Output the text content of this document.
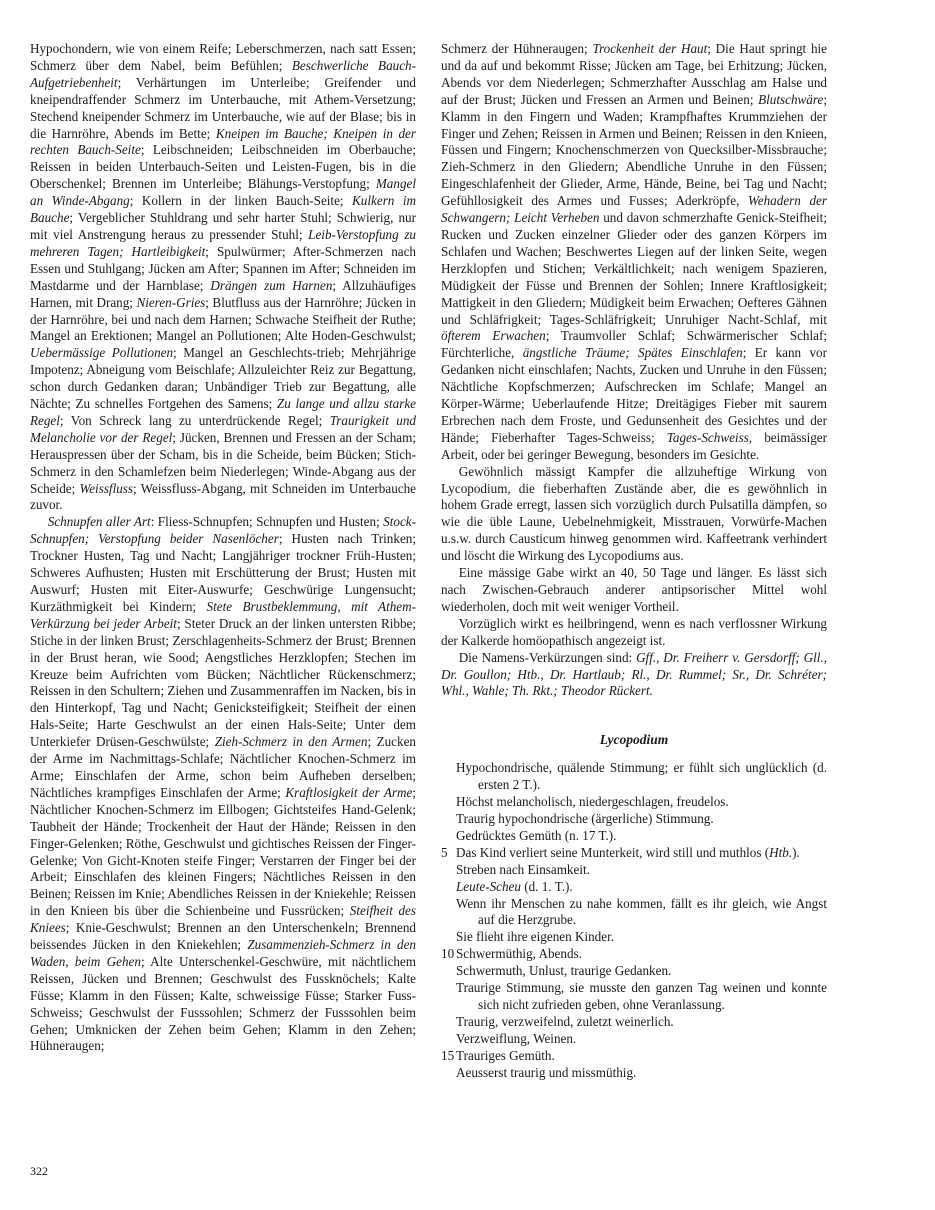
Hypochondern, wie von einem Reife; Leberschmerzen, nach satt Essen; Schmerz über dem Nabel, beim Befühlen; Beschwerliche Bauch-Aufgetriebenheit; Verhärtungen im Unterleibe; Greifender und kneipendraffender Schmerz im Unterbauche, mit Athem-Versetzung; Stechend kneipender Schmerz im Unterbauche, wie auf der Blase; bis in die Harnröhre, Abends im Bette; Kneipen im Bauche; Kneipen in der rechten Bauch-Seite; Leibschneiden; Leibschneiden im Oberbauche; Reissen in beiden Unterbauch-Seiten und Leisten-Fugen, bis in die Oberschenkel; Brennen im Unterleibe; Blähungs-Verstopfung; Mangel an Winde-Abgang; Kollern in der linken Bauch-Seite; Kulkern im Bauche; Vergeblicher Stuhldrang und sehr harter Stuhl; Schwierig, nur mit viel Anstrengung heraus zu pressender Stuhl; Leib-Verstopfung zu mehreren Tagen; Hartleibigkeit; Spulwürmer; After-Schmerzen nach Essen und Stuhlgang; Jücken am After; Spannen im After; Schneiden im Mastdarme und der Harnblase; Drängen zum Harnen; Allzuhäufiges Harnen, mit Drang; Nieren-Gries; Blutfluss aus der Harnröhre; Jücken in der Harnröhre, bei und nach dem Harnen; Schwache Steifheit der Ruthe; Mangel an Erektionen; Mangel an Pollutionen; Alte Hoden-Geschwulst; Uebermässige Pollutionen; Mangel an Geschlechts-trieb; Mehrjährige Impotenz; Abneigung vom Beischlafe; Allzuleichter Reiz zur Begattung, schon durch Gedanken daran; Unbändiger Trieb zur Begattung, alle Nächte; Zu schnelles Fortgehen des Samens; Zu lange und allzu starke Regel; Von Schreck lang zu unterdrückende Regel; Traurigkeit und Melancholie vor der Regel; Jücken, Brennen und Fressen an der Scham; Herauspressen über der Scham, bis in die Scheide, beim Bücken; Stich-Schmerz in den Schamlefzen beim Niederlegen; Winde-Abgang aus der Scheide; Weissfluss; Weissfluss-Abgang, mit Schneiden im Unterbauche zuvor.

Schnupfen aller Art: Fliess-Schnupfen; Schnupfen und Husten; Stock-Schnupfen; Verstopfung beider Nasenlöcher; Husten nach Trinken; Trockner Husten, Tag und Nacht; Langjähriger trockner Früh-Husten; Schweres Aufhusten; Husten mit Erschütterung der Brust; Husten mit Auswurf; Husten mit Eiter-Auswurfe; Geschwürige Lungensucht; Kurzäthmigkeit bei Kindern; Stete Brustbeklemmung, mit Athem-Verkürzung bei jeder Arbeit; Steter Druck an der linken untersten Ribbe; Stiche in der linken Brust; Zerschlagenheits-Schmerz der Brust; Brennen in der Brust heran, wie Sood; Aengstliches Herzklopfen; Stechen im Kreuze beim Aufrichten vom Bücken; Nächtlicher Rückenschmerz; Reissen in den Schultern; Ziehen und Zusammenraffen im Nacken, bis in den Hinterkopf, Tag und Nacht; Genicksteifigkeit; Steifheit der einen Hals-Seite; Harte Geschwulst an der einen Hals-Seite; Unter dem Unterkiefer Drüsen-Geschwülste; Zieh-Schmerz in den Armen; Zucken der Arme im Nachmittags-Schlafe; Nächtlicher Knochen-Schmerz im Arme; Einschlafen der Arme, schon beim Aufheben derselben; Nächtliches krampfiges Einschlafen der Arme; Kraftlosigkeit der Arme; Nächtlicher Knochen-Schmerz im Ellbogen; Gichtsteifes Hand-Gelenk; Taubheit der Hände; Trockenheit der Haut der Hände; Reissen in den Finger-Gelenken; Röthe, Geschwulst und gichtisches Reissen der Finger-Gelenke; Von Gicht-Knoten steife Finger; Verstarren der Finger bei der Arbeit; Einschlafen des kleinen Fingers; Nächtliches Reissen in den Beinen; Reissen im Knie; Abendliches Reissen in der Kniekehle; Reissen in den Knieen bis über die Schienbeine und Fussrücken; Steifheit des Kniees; Knie-Geschwulst; Brennen an den Unterschenkeln; Brennend beissendes Jücken in den Kniekehlen; Zusammenzieh-Schmerz in den Waden, beim Gehen; Alte Unterschenkel-Geschwüre, mit nächtlichem Reissen, Jücken und Brennen; Geschwulst des Fussknöchels; Kalte Füsse; Klamm in den Füssen; Kalte, schweissige Füsse; Starker Fuss-Schweiss; Geschwulst der Fusssohlen; Schmerz der Fusssohlen beim Gehen; Umknicken der Zehen beim Gehen; Klamm in den Zehen; Hühneraugen;

Schmerz der Hühneraugen; Trockenheit der Haut; Die Haut springt hie und da auf und bekommt Risse; Jücken am Tage, bei Erhitzung; Jücken, Abends vor dem Niederlegen; Schmerzhafter Ausschlag am Halse und auf der Brust; Jücken und Fressen an Armen und Beinen; Blutschwäre; Klamm in den Fingern und Waden; Krampfhaftes Krummziehen der Finger und Zehen; Reissen in Armen und Beinen; Reissen in den Knieen, Füssen und Fingern; Knochenschmerzen von Quecksilber-Missbrauche; Zieh-Schmerz in den Gliedern; Abendliche Unruhe in den Füssen; Eingeschlafenheit der Glieder, Arme, Hände, Beine, bei Tag und Nacht; Gefühllosigkeit des Armes und Fusses; Aderkröpfe, Wehadern der Schwangern; Leicht Verheben und davon schmerzhafte Genick-Steifheit; Rucken und Zucken einzelner Glieder oder des ganzen Körpers im Schlafen und Wachen; Beschwertes Liegen auf der linken Seite, wegen Herzklopfen und Stichen; Verkältlichkeit; nach wenigem Spazieren, Müdigkeit der Füsse und Brennen der Sohlen; Innere Kraftlosigkeit; Mattigkeit in den Gliedern; Müdigkeit beim Erwachen; Oefteres Gähnen und Schläfrigkeit; Tages-Schläfrigkeit; Unruhiger Nacht-Schlaf, mit öfterem Erwachen; Traumvoller Schlaf; Schwärmerischer Schlaf; Fürchterliche, ängstliche Träume; Spätes Einschlafen; Er kann vor Gedanken nicht einschlafen; Nachts, Zucken und Unruhe in den Füssen; Nächtliche Kopfschmerzen; Aufschrecken im Schlafe; Mangel an Körper-Wärme; Ueberlaufende Hitze; Dreitägiges Fieber mit saurem Erbrechen nach dem Froste, und Gedunsenheit des Gesichtes und der Hände; Fieberhafter Tages-Schweiss; Tages-Schweiss, beimässiger Arbeit, oder bei geringer Bewegung, besonders im Gesichte.

Gewöhnlich mässigt Kampfer die allzuheftige Wirkung von Lycopodium, die fieberhaften Zustände aber, die es gewöhnlich in hohem Grade erregt, lassen sich vorzüglich durch Pulsatilla dämpfen, so wie die üble Laune, Uebelnehmigkeit, Misstrauen, Vorwürfe-Machen u.s.w. durch Causticum hinweg genommen wird. Kaffeetrank verhindert und löscht die Wirkung des Lycopodiums aus.

Eine mässige Gabe wirkt an 40, 50 Tage und länger. Es lässt sich nach Zwischen-Gebrauch anderer antipsorischer Mittel wohl wiederholen, doch mit weit weniger Vortheil.

Vorzüglich wirkt es heilbringend, wenn es nach verflossner Wirkung der Kalkerde homöopathisch angezeigt ist.

Die Namens-Verkürzungen sind: Gff., Dr. Freiherr v. Gersdorff; Gll., Dr. Goullon; Htb., Dr. Hartlaub; Rl., Dr. Rummel; Sr., Dr. Schréter; Whl., Wahle; Th. Rkt.; Theodor Rückert.

Lycopodium

Hypochondrische, quälende Stimmung; er fühlt sich unglücklich (d. ersten 2 T.).

Höchst melancholisch, niedergeschlagen, freudelos.

Traurig hypochondrische (ärgerliche) Stimmung.

Gedrücktes Gemüth (n. 17 T.).

5 Das Kind verliert seine Munterkeit, wird still und muthlos (Htb.).

Streben nach Einsamkeit.

Leute-Scheu (d. 1. T.).

Wenn ihr Menschen zu nahe kommen, fällt es ihr gleich, wie Angst auf die Herzgrube.

Sie flieht ihre eigenen Kinder.

10 Schwermüthig, Abends.

Schwermuth, Unlust, traurige Gedanken.

Traurige Stimmung, sie musste den ganzen Tag weinen und konnte sich nicht zufrieden geben, ohne Veranlassung.

Traurig, verzweifelnd, zuletzt weinerlich.

Verzweiflung, Weinen.

15 Trauriges Gemüth.

Aeusserst traurig und missmüthig.

322
